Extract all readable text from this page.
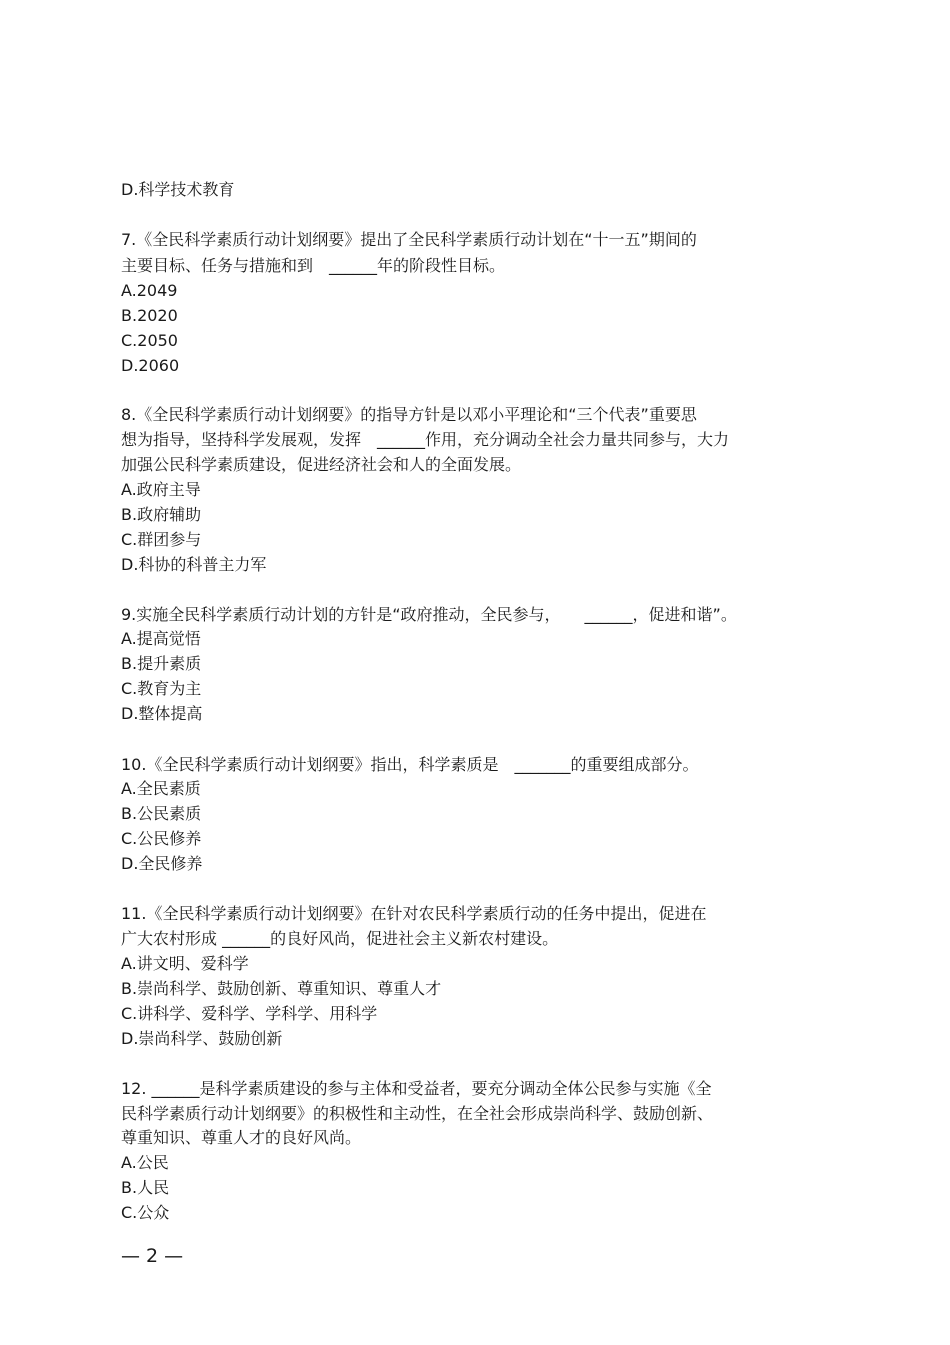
D.科学技术教育
7.《全民科学素质行动计划纲要》提出了全民科学素质行动计划在“十一五”期间的
主要目标、任务与措施和到　______年的阶段性目标。
A.2049
B.2020
C.2050
D.2060
8.《全民科学素质行动计划纲要》的指导方针是以邓小平理论和“三个代表”重要思
想为指导，坚持科学发展观，发挥　______作用，充分调动全社会力量共同参与，大力
加强公民科学素质建设，促进经济社会和人的全面发展。
A.政府主导
B.政府辅助
C.群团参与
D.科协的科普主力军
9.实施全民科学素质行动计划的方针是“政府推动，全民参与，　　______，促进和谐”。
A.提高觉悟
B.提升素质
C.教育为主
D.整体提高
10.《全民科学素质行动计划纲要》指出，科学素质是　_______的重要组成部分。
A.全民素质
B.公民素质
C.公民修养
D.全民修养
11.《全民科学素质行动计划纲要》在针对农民科学素质行动的任务中提出，促进在
广大农村形成 ______的良好风尚，促进社会主义新农村建设。
A.讲文明、爱科学
B.崇尚科学、鼓励创新、尊重知识、尊重人才
C.讲科学、爱科学、学科学、用科学
D.崇尚科学、鼓励创新
12. ______是科学素质建设的参与主体和受益者，要充分调动全体公民参与实施《全
民科学素质行动计划纲要》的积极性和主动性，在全社会形成崇尚科学、鼓励创新、
尊重知识、尊重人才的良好风尚。
A.公民
B.人民
C.公众
— 2 —
